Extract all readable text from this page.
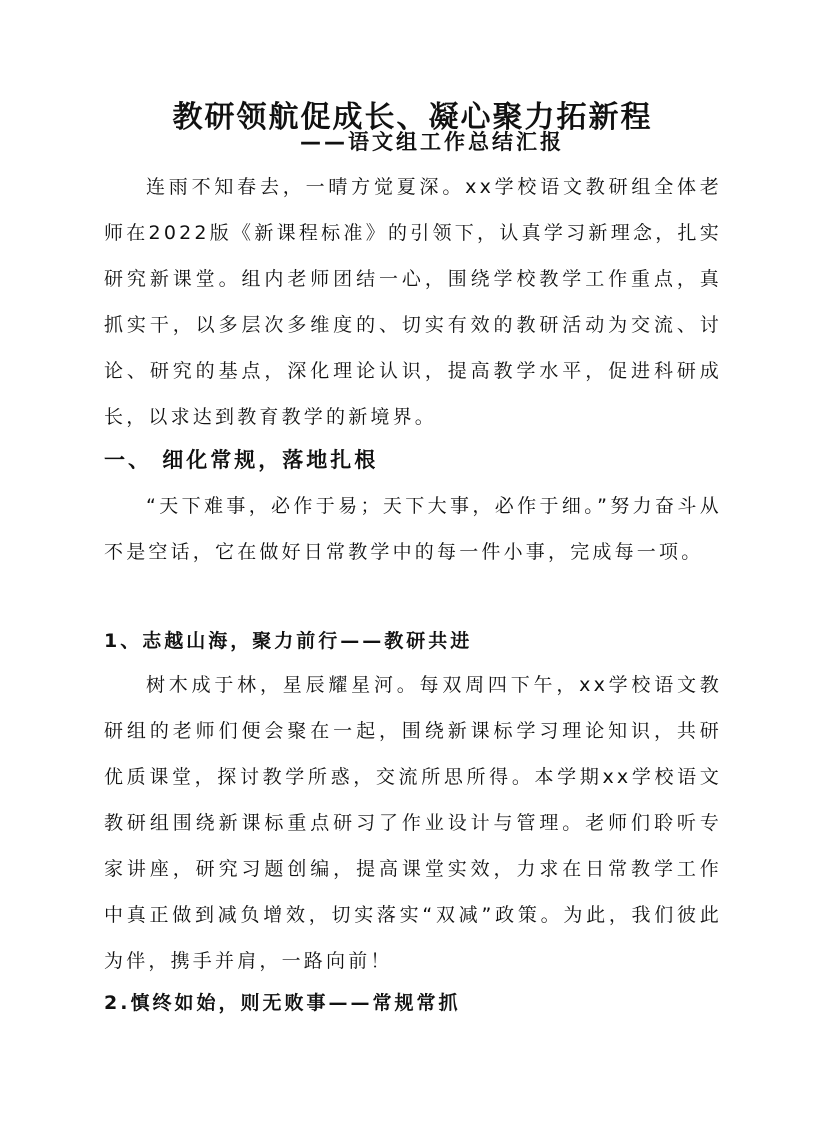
教研领航促成长、凝心聚力拓新程
——语文组工作总结汇报

连雨不知春去，一晴方觉夏深。xx学校语文教研组全体老师在2022版《新课程标准》的引领下，认真学习新理念，扎实研究新课堂。组内老师团结一心，围绕学校教学工作重点，真抓实干，以多层次多维度的、切实有效的教研活动为交流、讨论、研究的基点，深化理论认识，提高教学水平，促进科研成长，以求达到教育教学的新境界。

一、 细化常规，落地扎根

“天下难事，必作于易；天下大事，必作于细。”努力奋斗从不是空话，它在做好日常教学中的每一件小事，完成每一项。

1、志越山海，聚力前行——教研共进

树木成于林，星辰耀星河。每双周四下午，xx学校语文教研组的老师们便会聚在一起，围绕新课标学习理论知识，共研优质课堂，探讨教学所惑，交流所思所得。本学期xx学校语文教研组围绕新课标重点研习了作业设计与管理。老师们聆听专家讲座，研究习题创编，提高课堂实效，力求在日常教学工作中真正做到减负增效，切实落实“双减”政策。为此，我们彼此为伴，携手并肩，一路向前！

2.慎终如始，则无败事——常规常抓
